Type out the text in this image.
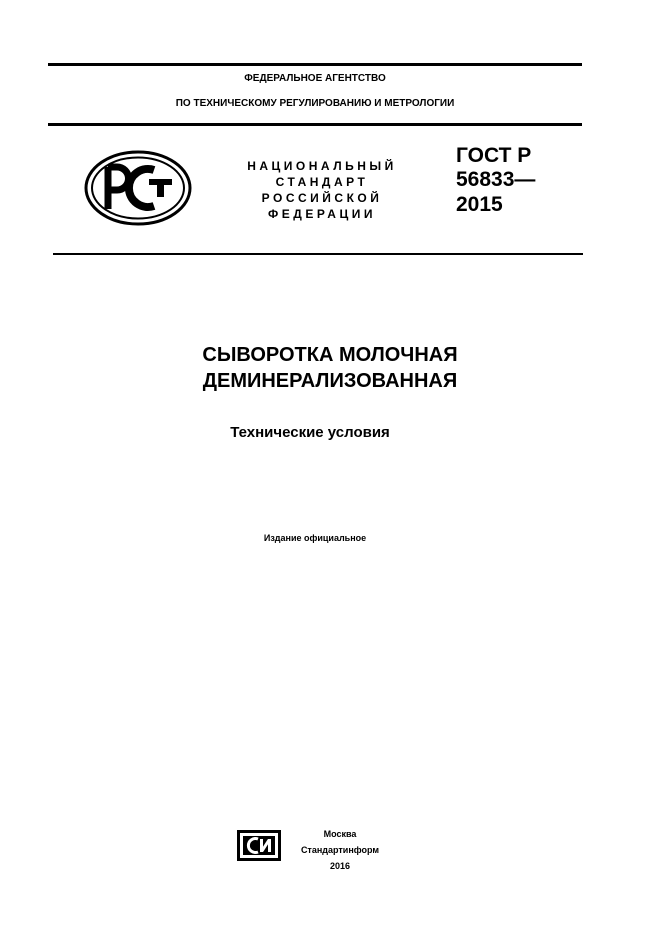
ФЕДЕРАЛЬНОЕ АГЕНТСТВО
ПО ТЕХНИЧЕСКОМУ РЕГУЛИРОВАНИЮ И МЕТРОЛОГИИ
НАЦИОНАЛЬНЫЙ
СТАНДАРТ
РОССИЙСКОЙ
ФЕДЕРАЦИИ
ГОСТ Р
56833—
2015
СЫВОРОТКА МОЛОЧНАЯ
ДЕМИНЕРАЛИЗОВАННАЯ
Технические условия
Издание официальное
Москва
Стандартинформ
2016
